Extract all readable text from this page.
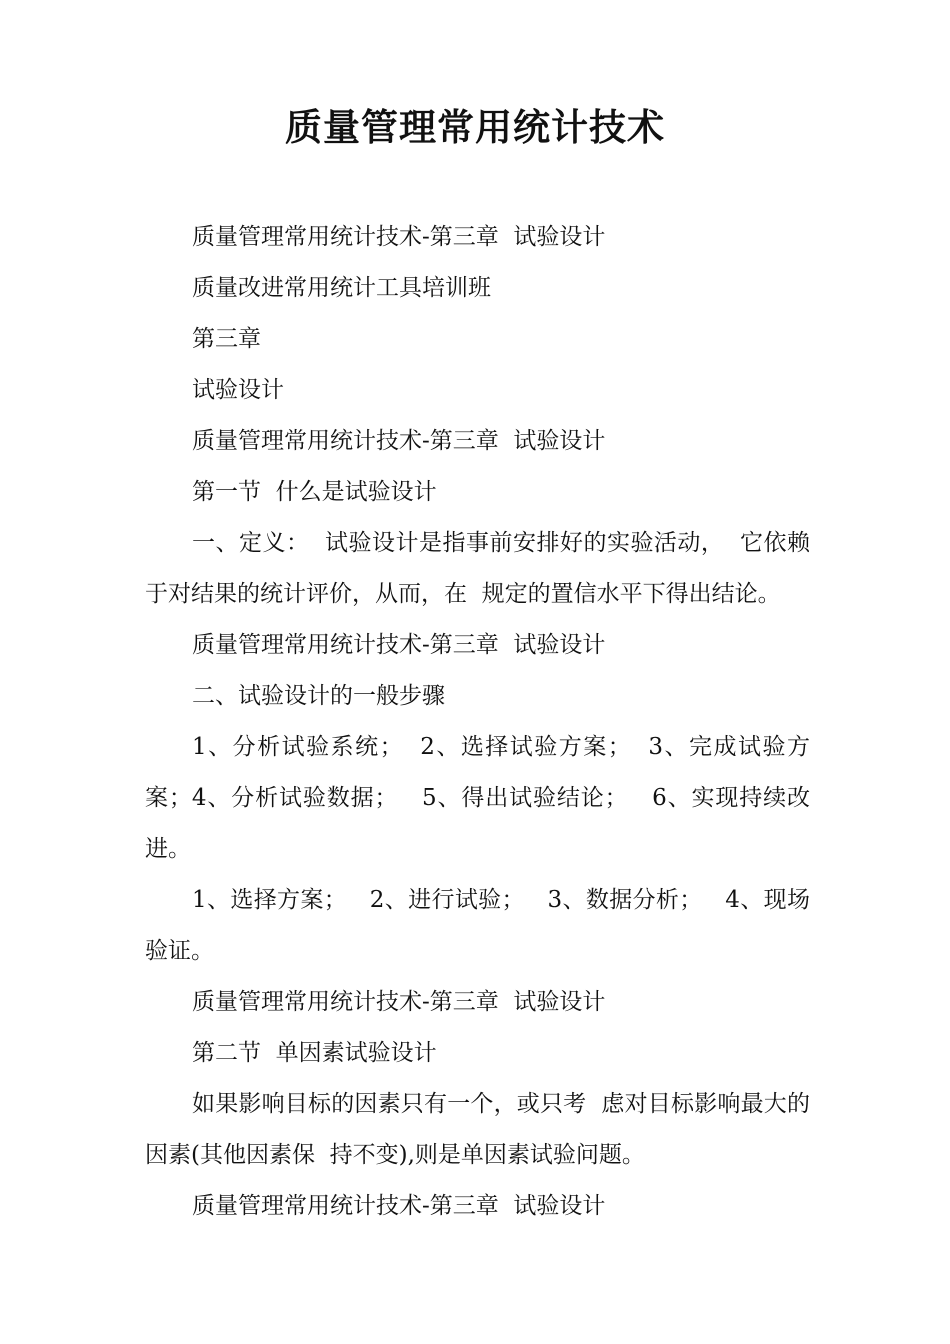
质量管理常用统计技术

质量管理常用统计技术-第三章  试验设计

质量改进常用统计工具培训班

第三章

试验设计

质量管理常用统计技术-第三章  试验设计

第一节  什么是试验设计

一、定义：  试验设计是指事前安排好的实验活动，  它依赖于对结果的统计评价，从而，在  规定的置信水平下得出结论。

质量管理常用统计技术-第三章  试验设计

二、试验设计的一般步骤

1、分析试验系统；  2、选择试验方案；  3、完成试验方案；4、分析试验数据；   5、得出试验结论；   6、实现持续改进。

1、选择方案；   2、进行试验；   3、数据分析；   4、现场验证。

质量管理常用统计技术-第三章  试验设计

第二节  单因素试验设计

如果影响目标的因素只有一个，或只考  虑对目标影响最大的因素(其他因素保  持不变),则是单因素试验问题。

质量管理常用统计技术-第三章  试验设计
